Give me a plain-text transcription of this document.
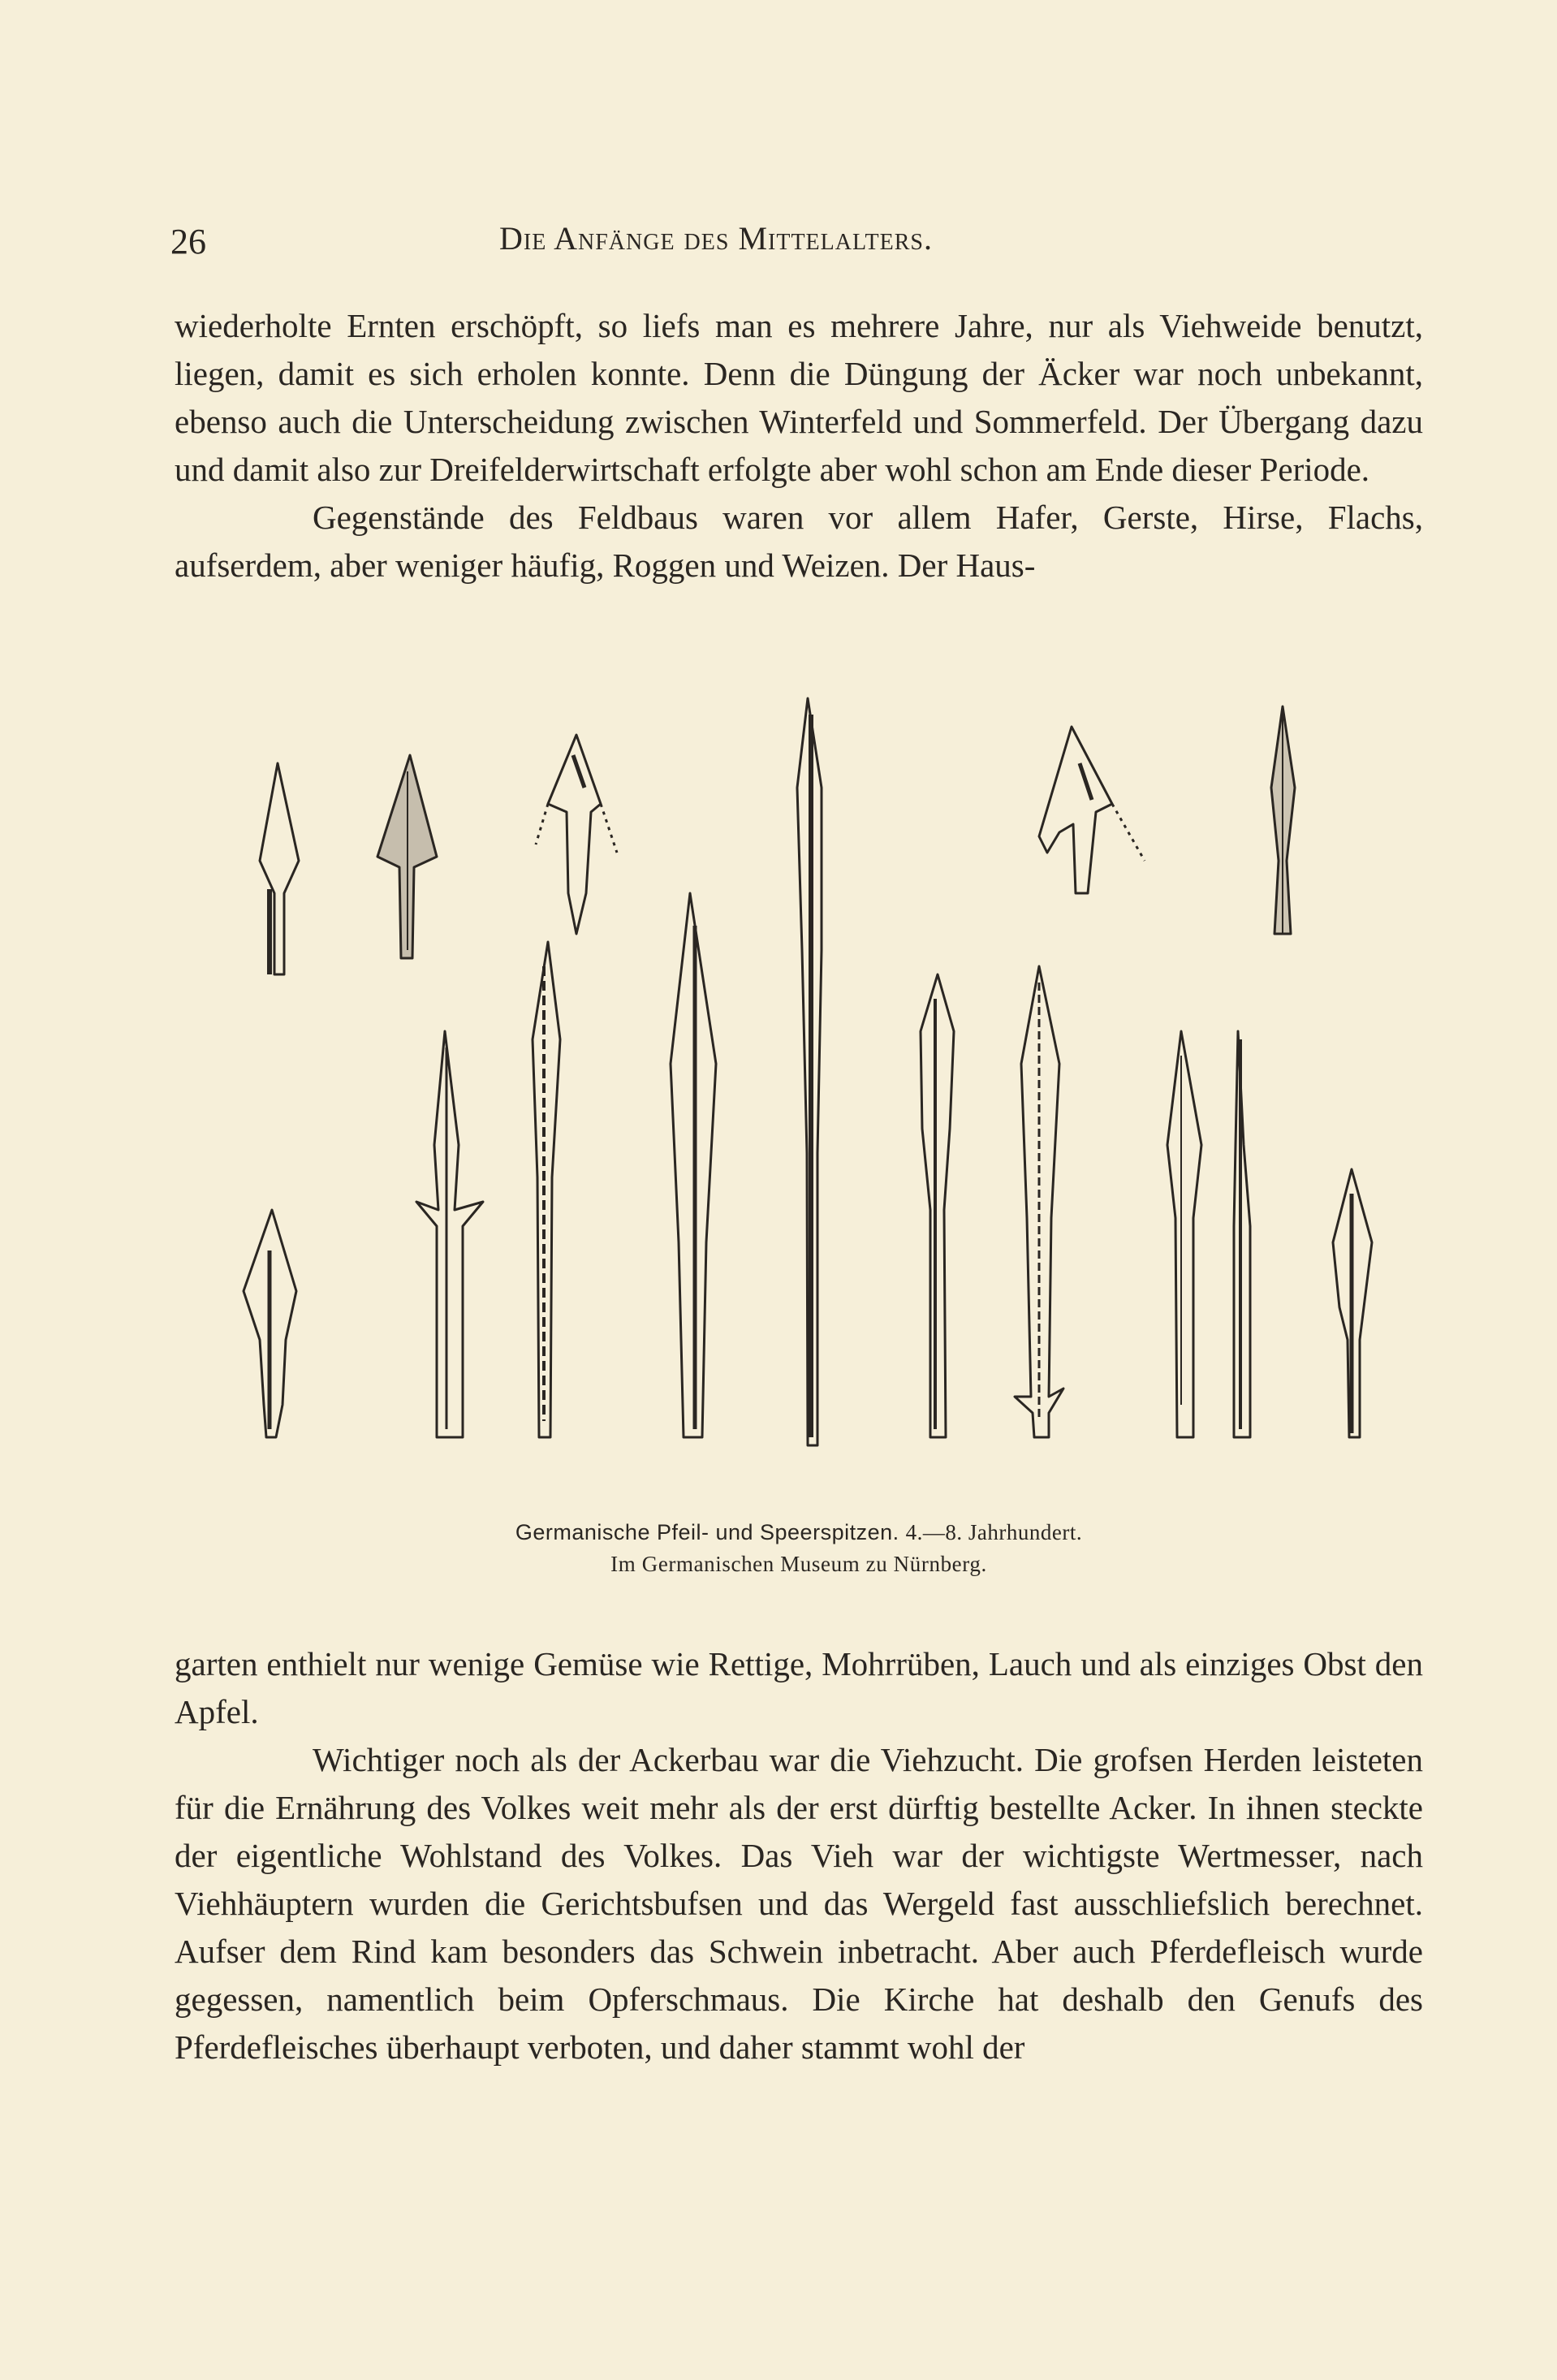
26	Die Anfänge des Mittelalters.

wiederholte Ernten erschöpft, so liefs man es mehrere Jahre, nur als Viehweide benutzt, liegen, damit es sich erholen konnte. Denn die Düngung der Äcker war noch unbekannt, ebenso auch die Unterscheidung zwischen Winterfeld und Sommerfeld. Der Übergang dazu und damit also zur Dreifelderwirtschaft erfolgte aber wohl schon am Ende dieser Periode.

Gegenstände des Feldbaus waren vor allem Hafer, Gerste, Hirse, Flachs, aufserdem, aber weniger häufig, Roggen und Weizen. Der Haus-

Germanische Pfeil- und Speerspitzen. 4.—8. Jahrhundert.
Im Germanischen Museum zu Nürnberg.

garten enthielt nur wenige Gemüse wie Rettige, Mohrrüben, Lauch und als einziges Obst den Apfel.

Wichtiger noch als der Ackerbau war die Viehzucht. Die grofsen Herden leisteten für die Ernährung des Volkes weit mehr als der erst dürftig bestellte Acker. In ihnen steckte der eigentliche Wohlstand des Volkes. Das Vieh war der wichtigste Wertmesser, nach Viehhäuptern wurden die Gerichtsbufsen und das Wergeld fast ausschliefslich berechnet. Aufser dem Rind kam besonders das Schwein inbetracht. Aber auch Pferdefleisch wurde gegessen, namentlich beim Opferschmaus. Die Kirche hat deshalb den Genufs des Pferdefleisches überhaupt verboten, und daher stammt wohl der
